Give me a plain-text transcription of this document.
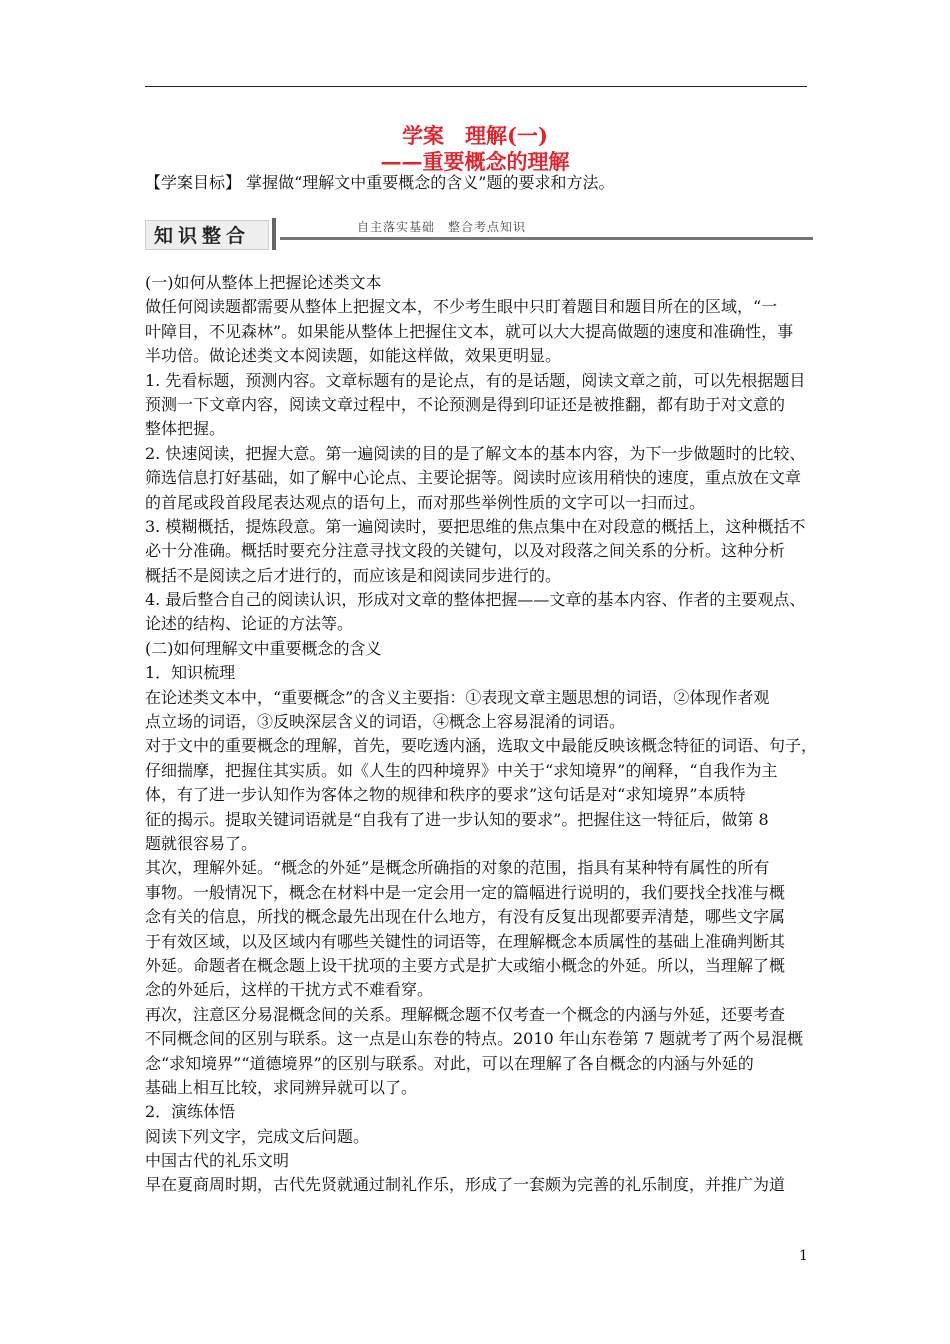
学案　理解(一)
——重要概念的理解
【学案目标】 掌握做“理解文中重要概念的含义”题的要求和方法。
知识整合	自主落实基础　整合考点知识
(一)如何从整体上把握论述类文本
做任何阅读题都需要从整体上把握文本，不少考生眼中只盯着题目和题目所在的区域，“一
叶障目，不见森林”。如果能从整体上把握住文本，就可以大大提高做题的速度和准确性，事
半功倍。做论述类文本阅读题，如能这样做，效果更明显。
1. 先看标题，预测内容。文章标题有的是论点，有的是话题，阅读文章之前，可以先根据题目
预测一下文章内容，阅读文章过程中，不论预测是得到印证还是被推翻，都有助于对文意的
整体把握。
2. 快速阅读，把握大意。第一遍阅读的目的是了解文本的基本内容，为下一步做题时的比较、
筛选信息打好基础，如了解中心论点、主要论据等。阅读时应该用稍快的速度，重点放在文章
的首尾或段首段尾表达观点的语句上，而对那些举例性质的文字可以一扫而过。
3. 模糊概括，提炼段意。第一遍阅读时，要把思维的焦点集中在对段意的概括上，这种概括不
必十分准确。概括时要充分注意寻找文段的关键句，以及对段落之间关系的分析。这种分析
概括不是阅读之后才进行的，而应该是和阅读同步进行的。
4. 最后整合自己的阅读认识，形成对文章的整体把握——文章的基本内容、作者的主要观点、
论述的结构、论证的方法等。
(二)如何理解文中重要概念的含义
1．知识梳理
在论述类文本中，“重要概念”的含义主要指：①表现文章主题思想的词语，②体现作者观
点立场的词语，③反映深层含义的词语，④概念上容易混淆的词语。
对于文中的重要概念的理解，首先，要吃透内涵，选取文中最能反映该概念特征的词语、句子，
仔细揣摩，把握住其实质。如《人生的四种境界》中关于“求知境界”的阐释，“自我作为主
体，有了进一步认知作为客体之物的规律和秩序的要求”这句话是对“求知境界”本质特
征的揭示。提取关键词语就是“自我有了进一步认知的要求”。把握住这一特征后，做第 8
题就很容易了。
其次，理解外延。“概念的外延”是概念所确指的对象的范围，指具有某种特有属性的所有
事物。一般情况下，概念在材料中是一定会用一定的篇幅进行说明的，我们要找全找准与概
念有关的信息，所找的概念最先出现在什么地方，有没有反复出现都要弄清楚，哪些文字属
于有效区域，以及区域内有哪些关键性的词语等，在理解概念本质属性的基础上准确判断其
外延。命题者在概念题上设干扰项的主要方式是扩大或缩小概念的外延。所以，当理解了概
念的外延后，这样的干扰方式不难看穿。
再次，注意区分易混概念间的关系。理解概念题不仅考查一个概念的内涵与外延，还要考查
不同概念间的区别与联系。这一点是山东卷的特点。2010 年山东卷第 7 题就考了两个易混概
念“求知境界”“道德境界”的区别与联系。对此，可以在理解了各自概念的内涵与外延的
基础上相互比较，求同辨异就可以了。
2．演练体悟
阅读下列文字，完成文后问题。
中国古代的礼乐文明
早在夏商周时期，古代先贤就通过制礼作乐，形成了一套颇为完善的礼乐制度，并推广为道
1
